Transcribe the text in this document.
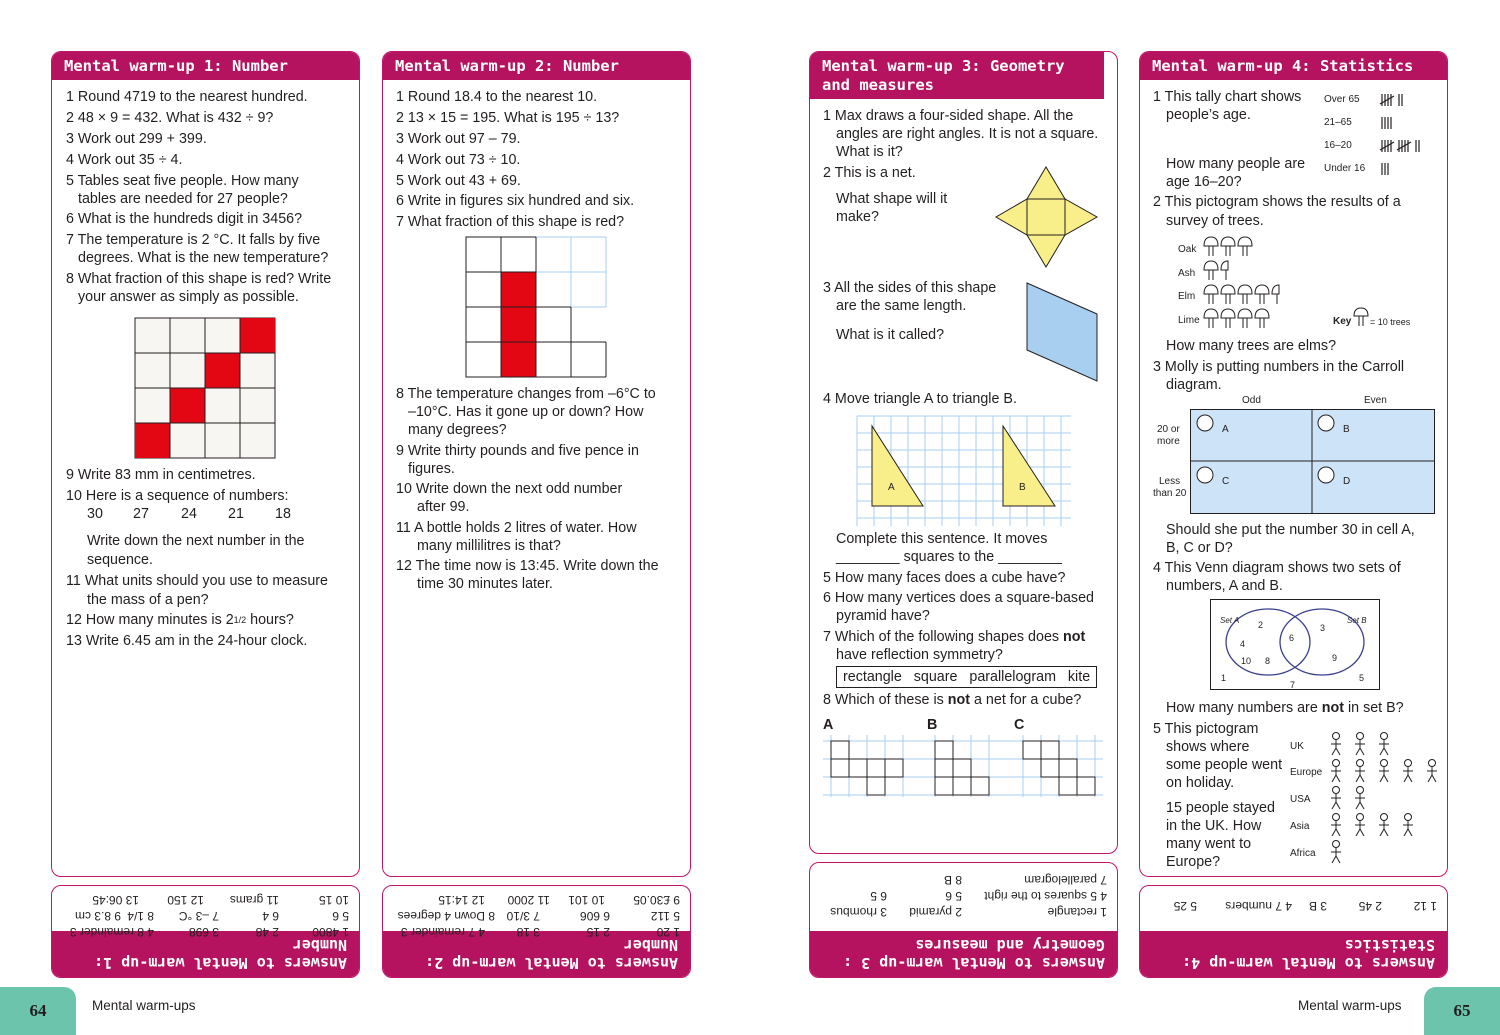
Mental warm-up 1: Number
1 Round 4719 to the nearest hundred.
2 48 × 9 = 432. What is 432 ÷ 9?
3 Work out 299 + 399.
4 Work out 35 ÷ 4.
5 Tables seat five people. How many
tables are needed for 27 people?
6 What is the hundreds digit in 3456?
7 The temperature is 2 °C. It falls by five
degrees. What is the new temperature?
8 What fraction of this shape is red? Write
your answer as simply as possible.
9 Write 83 mm in centimetres.
10 Here is a sequence of numbers:
30 27 24 21 18
Write down the next number in the
sequence.
11 What units should you use to measure
the mass of a pen?
12 How many minutes is 21/2 hours?
13 Write 6.45 am in the 24-hour clock.
Mental warm-up 2: Number
1 Round 18.4 to the nearest 10.
2 13 × 15 = 195. What is 195 ÷ 13?
3 Work out 97 – 79.
4 Work out 73 ÷ 10.
5 Work out 43 + 69.
6 Write in figures six hundred and six.
7 What fraction of this shape is red?
8 The temperature changes from –6°C to
–10°C. Has it gone up or down? How
many degrees?
9 Write thirty pounds and five pence in
figures.
10 Write down the next odd number
after 99.
11 A bottle holds 2 litres of water. How
many millilitres is that?
12 The time now is 13:45. Write down the
time 30 minutes later.
Mental warm-up 3: Geometry and measures
1 Max draws a four-sided shape. All the
angles are right angles. It is not a square.
What is it?
2 This is a net.
What shape will it
make?
3 All the sides of this shape
are the same length.
What is it called?
4 Move triangle A to triangle B.
A	B
Complete this sentence. It moves
________ squares to the ________
5 How many faces does a cube have?
6 How many vertices does a square-based
pyramid have?
7 Which of the following shapes does not
have reflection symmetry?
rectangle   square   parallelogram   kite
8 Which of these is not a net for a cube?
A	B	C
Mental warm-up 4: Statistics
1 This tally chart shows
people’s age.
Over 65
21–65
16–20
Under 16
How many people are
age 16–20?
2 This pictogram shows the results of a
survey of trees.
Oak
Ash
Elm
Lime	Key = 10 trees
How many trees are elms?
3 Molly is putting numbers in the Carroll
diagram.
Odd	Even
20 or
more
Less
than 20
A	B
C	D
Should she put the number 30 in cell A,
B, C or D?
4 This Venn diagram shows two sets of
numbers, A and B.
Set A	Set B
2
4
10 8
6
3
9
1
7
5
How many numbers are not in set B?
5 This pictogram
shows where
some people went
on holiday.
15 people stayed
in the UK. How
many went to
Europe?
UK
Europe
USA
Asia
Africa
Answers to Mental warm-up 1: Number
1 4800
2 48
3 698
4 8 remainder 3
5 6
6 4
7 –3 °C
8 1/4
9 8.3 cm
10 15
11 grams
12 150
13 06:45
Answers to Mental warm-up 2: Number
1 20
2 15
3 18
4 7 remainder 3
5 112
6 606
7 3/10
8 Down 4 degrees
9 £30.05
10 101
11 2000
12 14:15
Answers to Mental warm-up 3 :
Geometry and measures
1 rectangle
2 pyramid
3 rhombus
4 5 squares to the right
5 6
6 5
7 parallelogram
8 B
Answers to Mental warm-up 4:
Statistics
1 12
2 45
3 B
4 7 numbers
5 25
64	Mental warm-ups	Mental warm-ups	65
